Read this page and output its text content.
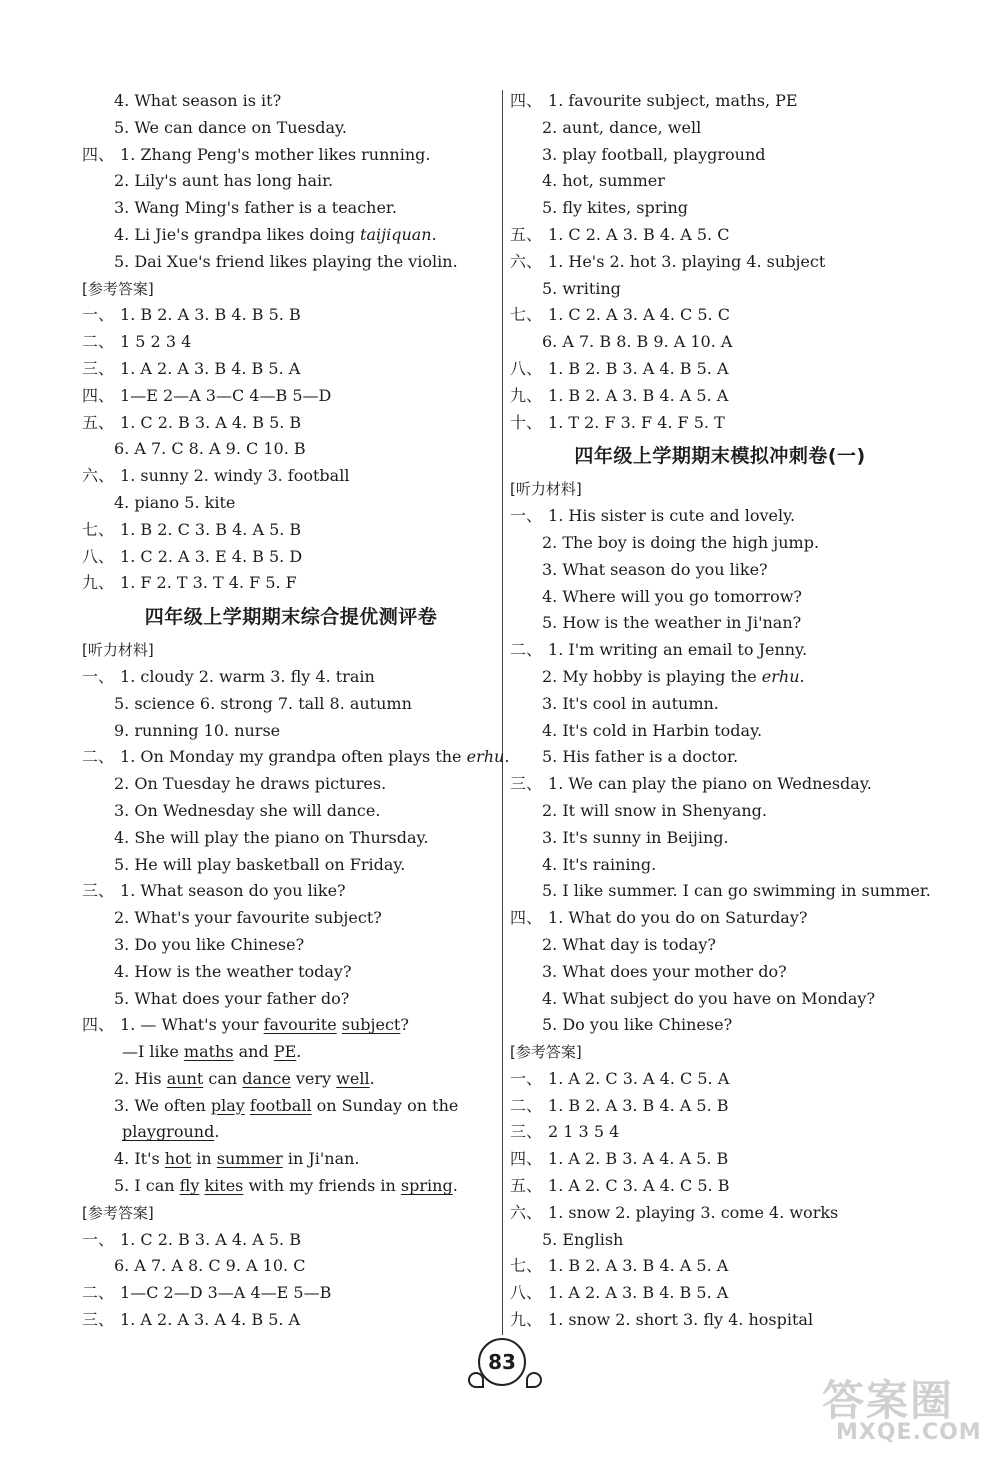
4. What season is it?
5. We can dance on Tuesday.
四、 1. Zhang Peng's mother likes running.
2. Lily's aunt has long hair.
3. Wang Ming's father is a teacher.
4. Li Jie's grandpa likes doing taijiquan.
5. Dai Xue's friend likes playing the violin.
[参考答案]
一、 1. B 2. A 3. B 4. B 5. B
二、 1 5 2 3 4
三、 1. A 2. A 3. B 4. B 5. A
四、 1—E 2—A 3—C 4—B 5—D
五、 1. C 2. B 3. A 4. B 5. B
6. A 7. C 8. A 9. C 10. B
六、 1. sunny 2. windy 3. football
4. piano 5. kite
七、 1. B 2. C 3. B 4. A 5. B
八、 1. C 2. A 3. E 4. B 5. D
九、 1. F 2. T 3. T 4. F 5. F
四年级上学期期末综合提优测评卷
[听力材料]
一、 1. cloudy 2. warm 3. fly 4. train
5. science 6. strong 7. tall 8. autumn
9. running 10. nurse
二、 1. On Monday my grandpa often plays the erhu.
2. On Tuesday he draws pictures.
3. On Wednesday she will dance.
4. She will play the piano on Thursday.
5. He will play basketball on Friday.
三、 1. What season do you like?
2. What's your favourite subject?
3. Do you like Chinese?
4. How is the weather today?
5. What does your father do?
四、 1. — What's your favourite subject?
—I like maths and PE.
2. His aunt can dance very well.
3. We often play football on Sunday on the
playground.
4. It's hot in summer in Ji'nan.
5. I can fly kites with my friends in spring.
[参考答案]
一、 1. C 2. B 3. A 4. A 5. B
6. A 7. A 8. C 9. A 10. C
二、 1—C 2—D 3—A 4—E 5—B
三、 1. A 2. A 3. A 4. B 5. A
四、 1. favourite subject, maths, PE
2. aunt, dance, well
3. play football, playground
4. hot, summer
5. fly kites, spring
五、 1. C 2. A 3. B 4. A 5. C
六、 1. He's 2. hot 3. playing 4. subject
5. writing
七、 1. C 2. A 3. A 4. C 5. C
6. A 7. B 8. B 9. A 10. A
八、 1. B 2. B 3. A 4. B 5. A
九、 1. B 2. A 3. B 4. A 5. A
十、 1. T 2. F 3. F 4. F 5. T
四年级上学期期末模拟冲刺卷(一)
[听力材料]
一、 1. His sister is cute and lovely.
2. The boy is doing the high jump.
3. What season do you like?
4. Where will you go tomorrow?
5. How is the weather in Ji'nan?
二、 1. I'm writing an email to Jenny.
2. My hobby is playing the erhu.
3. It's cool in autumn.
4. It's cold in Harbin today.
5. His father is a doctor.
三、 1. We can play the piano on Wednesday.
2. It will snow in Shenyang.
3. It's sunny in Beijing.
4. It's raining.
5. I like summer. I can go swimming in summer.
四、 1. What do you do on Saturday?
2. What day is today?
3. What does your mother do?
4. What subject do you have on Monday?
5. Do you like Chinese?
[参考答案]
一、 1. A 2. C 3. A 4. C 5. A
二、 1. B 2. A 3. B 4. A 5. B
三、 2 1 3 5 4
四、 1. A 2. B 3. A 4. A 5. B
五、 1. A 2. C 3. A 4. C 5. B
六、 1. snow 2. playing 3. come 4. works
5. English
七、 1. B 2. A 3. B 4. A 5. A
八、 1. A 2. A 3. B 4. B 5. A
九、 1. snow 2. short 3. fly 4. hospital
83
答案圈
MXQE.COM
